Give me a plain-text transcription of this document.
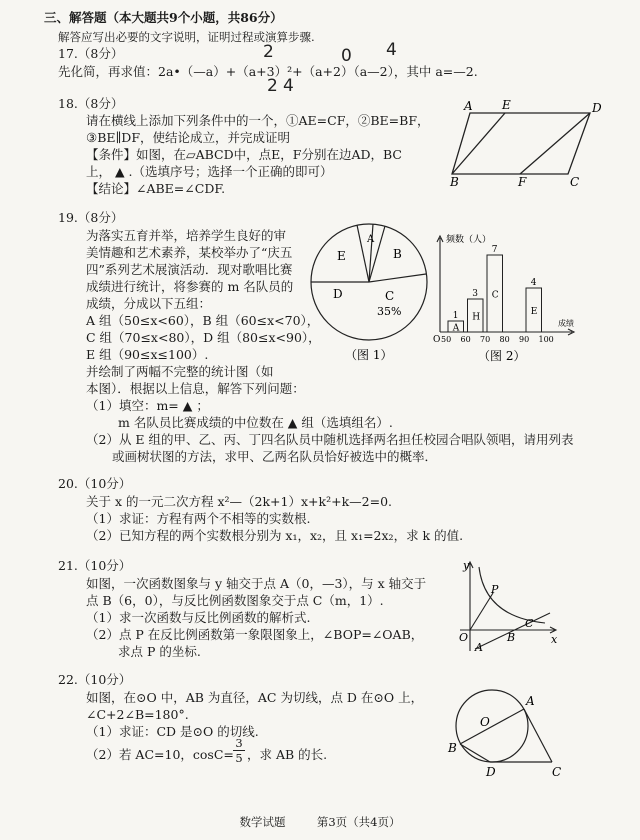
三、解答题（本大题共9个小题，共86分）
解答应写出必要的文字说明，证明过程或演算步骤.
17.（8分）
先化简，再求值：2a•（—a）+（a+3）²+（a+2）（a—2），其中 a=—2.
2	0 4
2 4
18.（8分）
请在横线上添加下列条件中的一个，①AE=CF，②BE=BF，
③BE∥DF，使结论成立，并完成证明
【条件】如图，在▱ABCD中，点E，F分别在边AD，BC
上， ▲ .（选填序号；选择一个正确的即可）
【结论】∠ABE=∠CDF.
A E	D
B	F	C
19.（8分）
为落实五育并举，培养学生良好的审
美情趣和艺术素养，某校举办了“庆五
四”系列艺术展演活动．现对歌唱比赛
成绩进行统计，将参赛的 m 名队员的
成绩，分成以下五组：
A 组（50≤x<60），B 组（60≤x<70），
C 组（70≤x<80），D 组（80≤x<90），
E 组（90≤x≤100）.
并绘制了两幅不完整的统计图（如
本图）．根据以上信息，解答下列问题：
（1）填空：m= ▲ ；
m 名队员比赛成绩的中位数在 ▲ 组（选填组名）.
（2）从 E 组的甲、乙、丙、丁四名队员中随机选择两名担任校园合唱队领唱，请用列表
或画树状图的方法，求甲、乙两名队员恰好被选中的概率．
E
A
B
D	C
35%
（图 1）
频数（人）
成绩
O
1
A
3
H
7
C
4
E
50 60 70 80 90 100
（图 2）
20.（10分）
关于 x 的一元二次方程 x²—（2k+1）x+k²+k—2=0.
（1）求证：方程有两个不相等的实数根.
（2）已知方程的两个实数根分别为 x₁，x₂，且 x₁=2x₂，求 k 的值.
21.（10分）
如图，一次函数图象与 y 轴交于点 A（0，—3），与 x 轴交于
点 B（6，0），与反比例函数图象交于点 C（m，1）.
（1）求一次函数与反比例函数的解析式.
（2）点 P 在反比例函数第一象限图象上，∠BOP=∠OAB，
求点 P 的坐标.
y
x
O
A
B
C
P
22.（10分）
如图，在⊙O 中，AB 为直径，AC 为切线，点 D 在⊙O 上，
∠C+2∠B=180°.
（1）求证：CD 是⊙O 的切线.
（2）若 AC=10，$\cos C= \frac{3}{5}$ ，求 AB 的长.
O
A
B
D	C
数学试题	第3页（共4页）
